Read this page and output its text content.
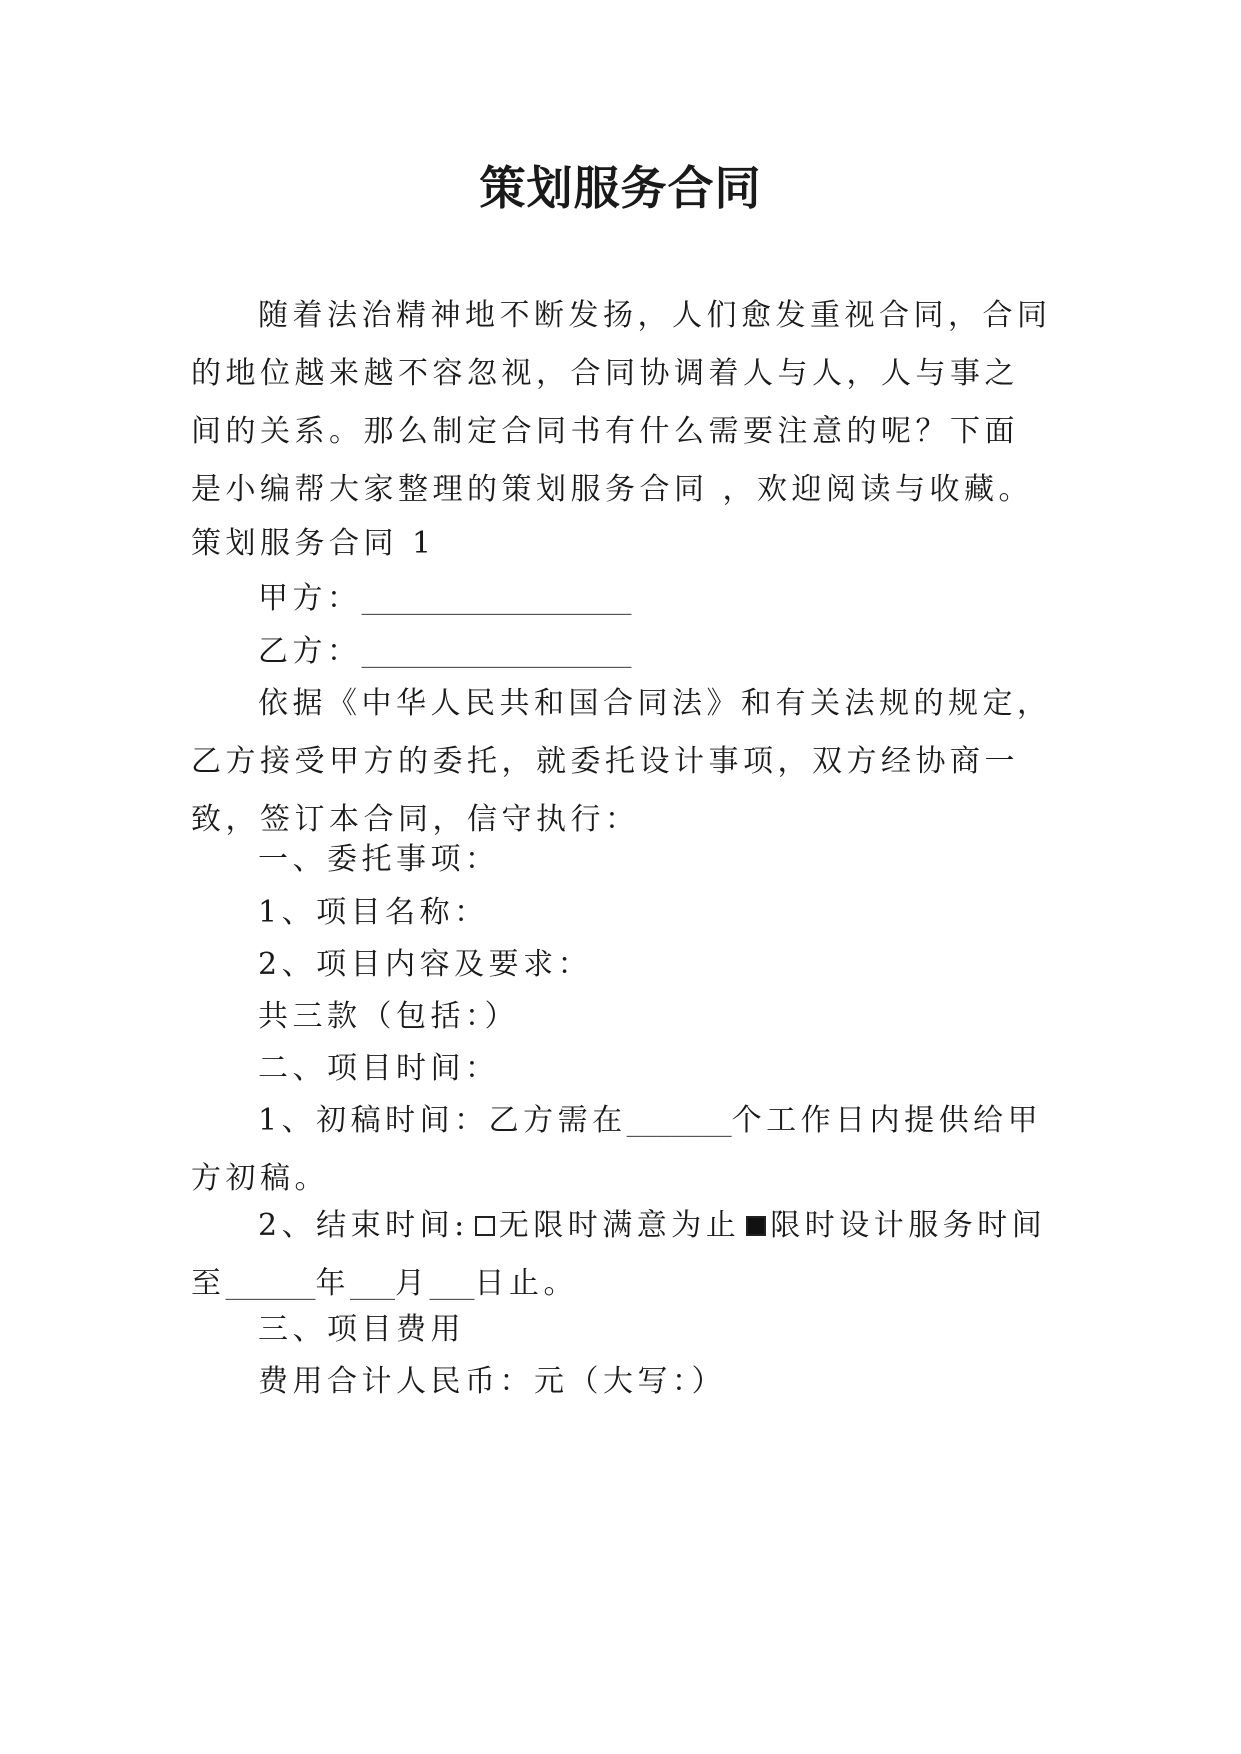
策划服务合同
随着法治精神地不断发扬，人们愈发重视合同，合同的地位越来越不容忽视，合同协调着人与人，人与事之间的关系。那么制定合同书有什么需要注意的呢？下面是小编帮大家整理的策划服务合同 ，欢迎阅读与收藏。

策划服务合同 1

甲方：__________________

乙方：__________________

依据《中华人民共和国合同法》和有关法规的规定，乙方接受甲方的委托，就委托设计事项，双方经协商一致，签订本合同，信守执行：

一、委托事项：

1、项目名称：

2、项目内容及要求：

共三款（包括：）

二、项目时间：

1、初稿时间：乙方需在_______个工作日内提供给甲方初稿。

2、结束时间: 无限时满意为止 限时设计服务时间至______年___月___日止。

三、项目费用

费用合计人民币：元（大写：）
